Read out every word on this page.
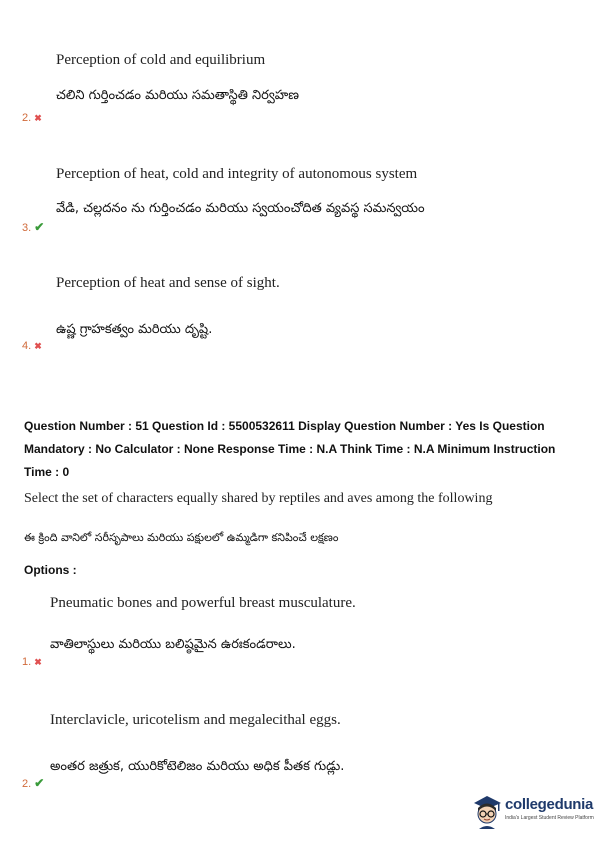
Perception of cold and equilibrium
చలిని గుర్తించడం మరియు సమతాస్థితి నిర్వహణ
2. ✖
Perception of heat, cold and integrity of autonomous system
వేడి, చల్లదనం ను గుర్తించడం మరియు స్వయంచోదిత వ్యవస్థ సమన్వయం
3. ✔
Perception of heat and sense of sight.
ఉష్ణ గ్రాహకత్వం మరియు దృష్టి.
4. ✖
Question Number : 51 Question Id : 5500532611 Display Question Number : Yes Is Question
Mandatory : No Calculator : None Response Time : N.A Think Time : N.A Minimum Instruction
Time : 0
Select the set of characters equally shared by reptiles and aves among the following
ఈ క్రింది వానిలో సరీసృపాలు మరియు పక్షులలో ఉమ్మడిగా కనిపించే లక్షణం
Options :
Pneumatic bones and powerful breast musculature.
వాతిలాస్థులు మరియు బలిష్ఠమైన ఉరఃకండరాలు.
1. ✖
Interclavicle, uricotelism and megalecithal eggs.
అంతర జత్రుక, యురికోటెలిజం మరియు అధిక పీతక గుడ్లు.
2. ✔
collegedunia
India's Largest Student Review Platform
